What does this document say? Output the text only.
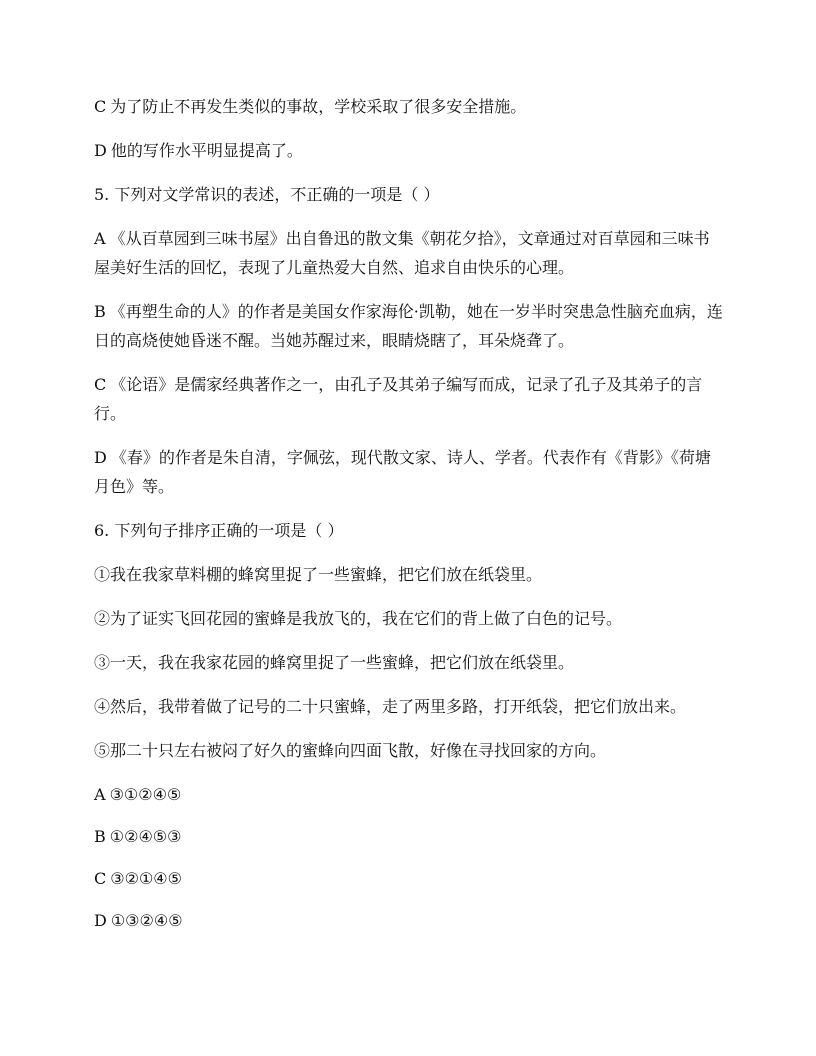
C 为了防止不再发生类似的事故，学校采取了很多安全措施。

D 他的写作水平明显提高了。

5. 下列对文学常识的表述，不正确的一项是（ ）

A 《从百草园到三味书屋》出自鲁迅的散文集《朝花夕拾》，文章通过对百草园和三味书屋美好生活的回忆，表现了儿童热爱大自然、追求自由快乐的心理。

B 《再塑生命的人》的作者是美国女作家海伦·凯勒，她在一岁半时突患急性脑充血病，连日的高烧使她昏迷不醒。当她苏醒过来，眼睛烧瞎了，耳朵烧聋了。

C 《论语》是儒家经典著作之一，由孔子及其弟子编写而成，记录了孔子及其弟子的言行。

D 《春》的作者是朱自清，字佩弦，现代散文家、诗人、学者。代表作有《背影》《荷塘月色》等。

6. 下列句子排序正确的一项是（ ）

①我在我家草料棚的蜂窝里捉了一些蜜蜂，把它们放在纸袋里。

②为了证实飞回花园的蜜蜂是我放飞的，我在它们的背上做了白色的记号。

③一天，我在我家花园的蜂窝里捉了一些蜜蜂，把它们放在纸袋里。

④然后，我带着做了记号的二十只蜜蜂，走了两里多路，打开纸袋，把它们放出来。

⑤那二十只左右被闷了好久的蜜蜂向四面飞散，好像在寻找回家的方向。

A ③①②④⑤

B ①②④⑤③

C ③②①④⑤

D ①③②④⑤
